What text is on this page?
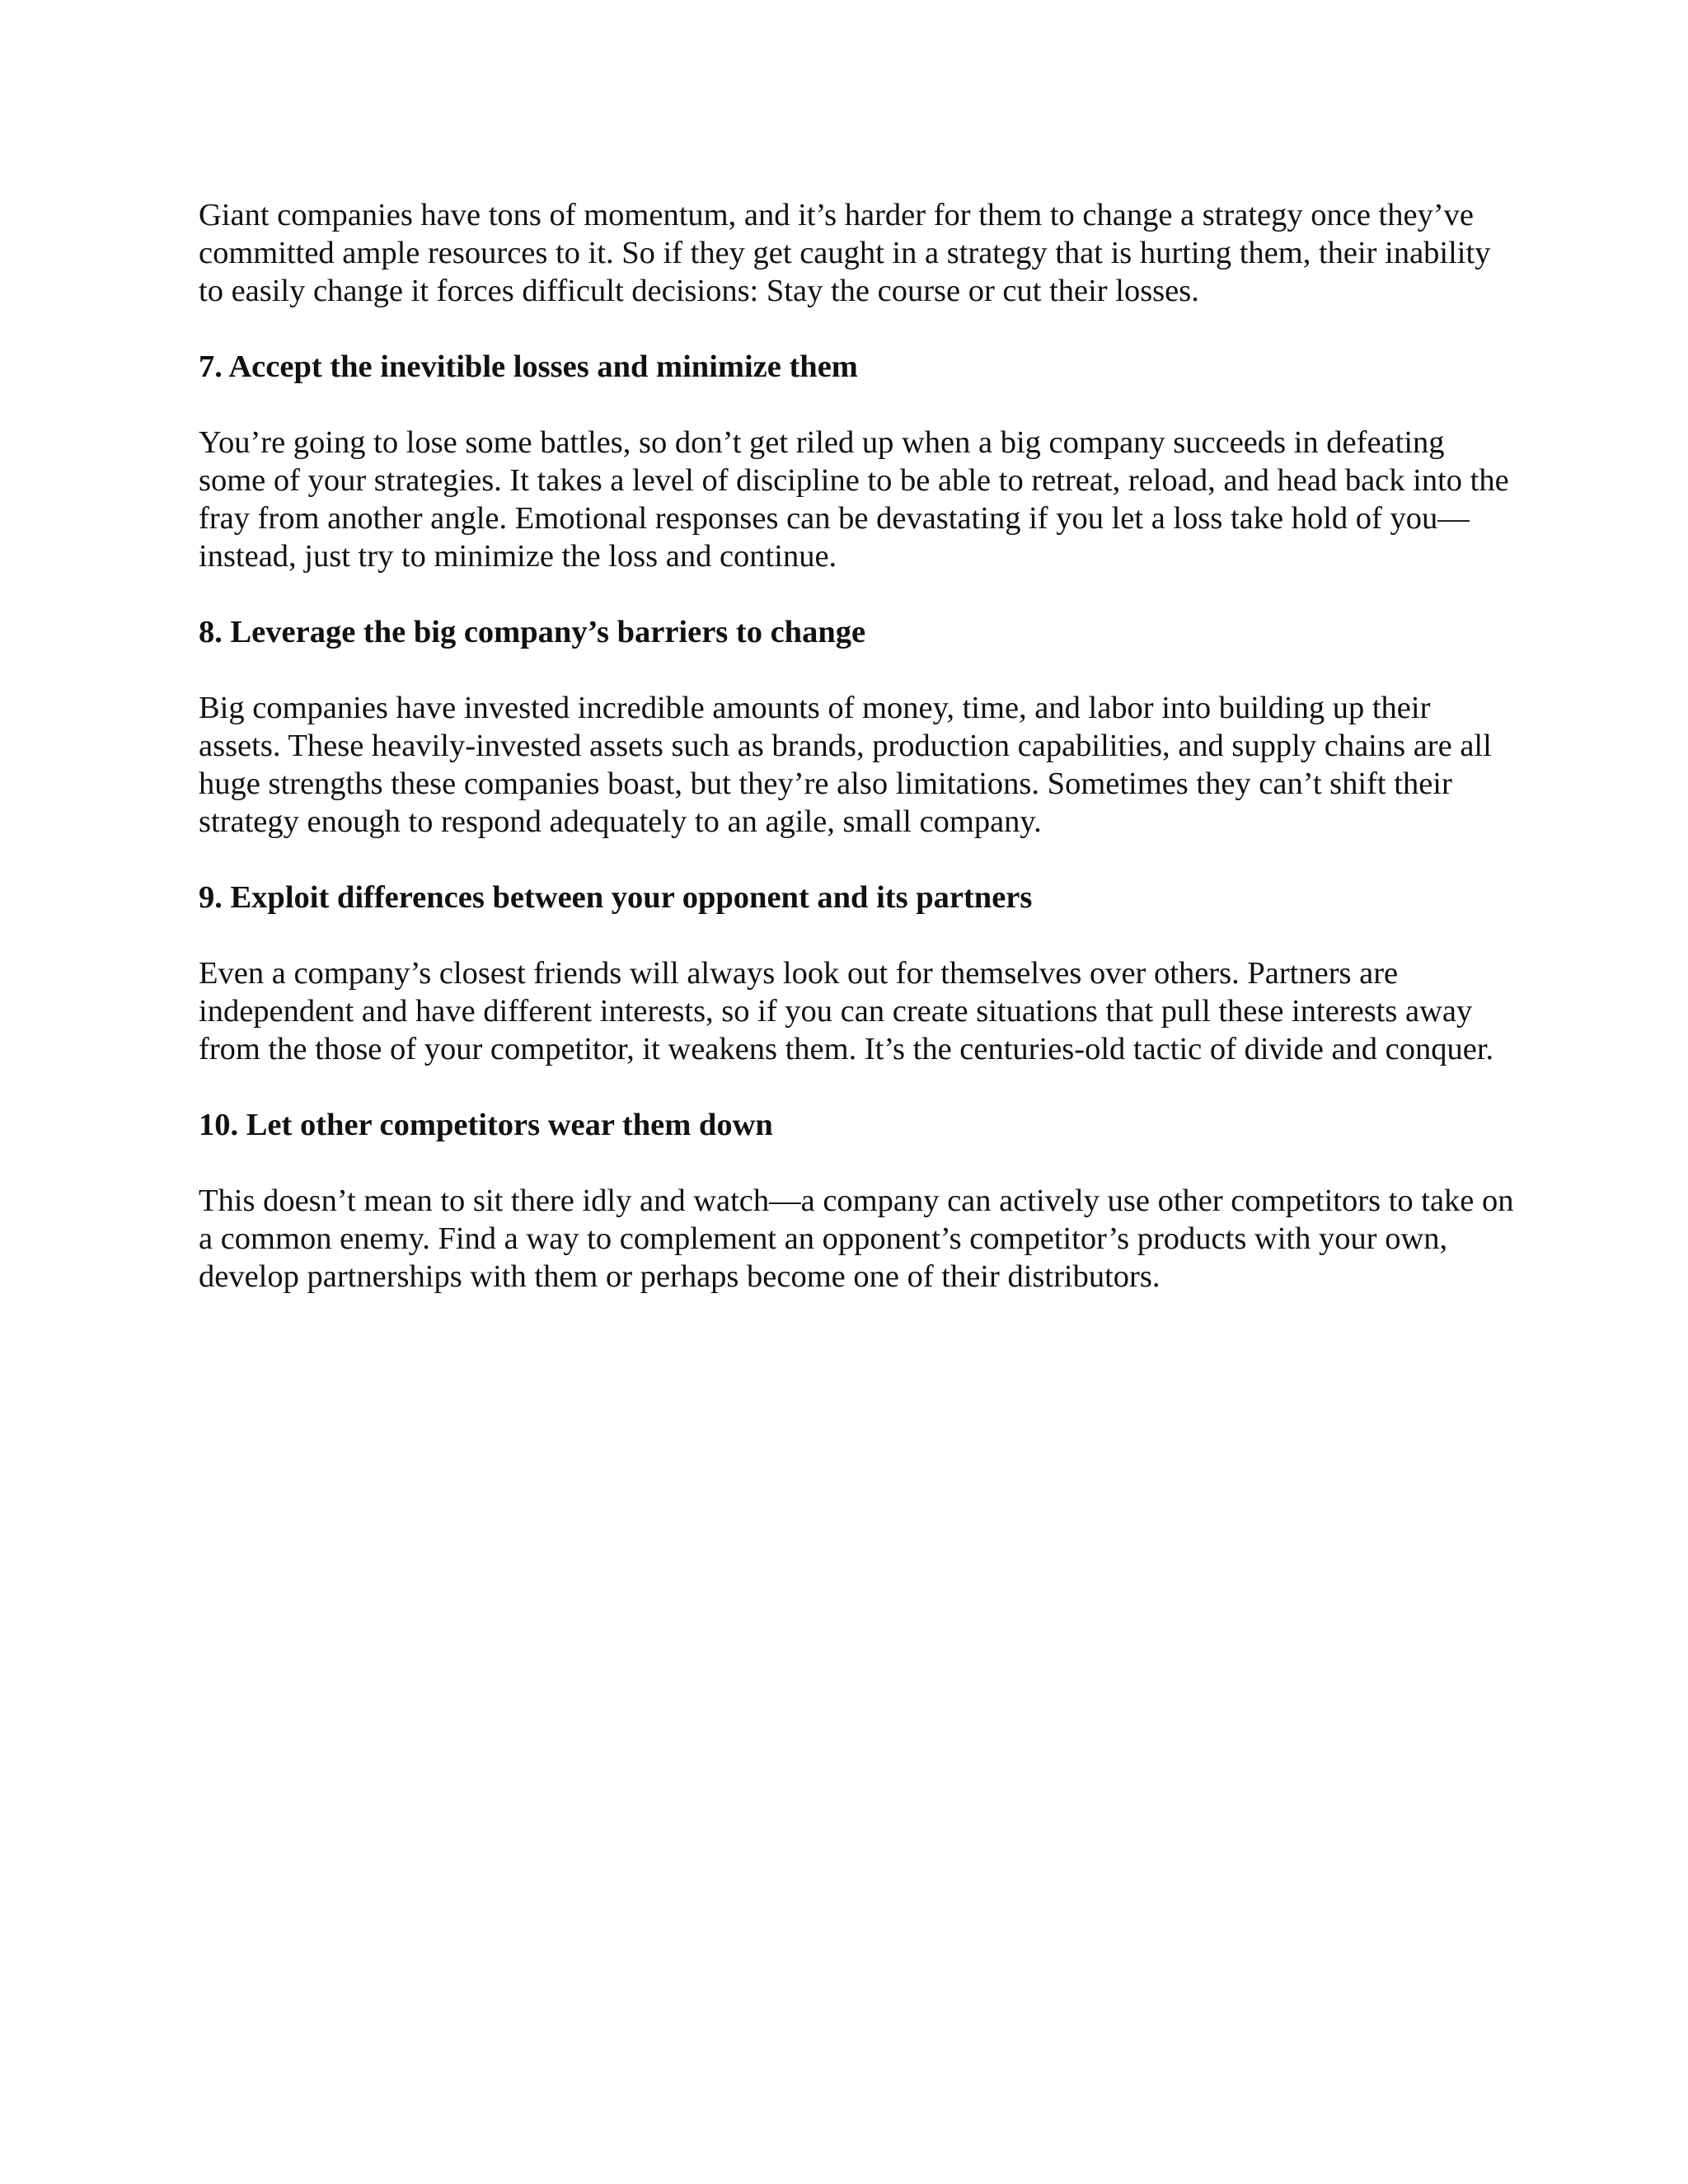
Giant companies have tons of momentum, and it’s harder for them to change a strategy once they’ve committed ample resources to it. So if they get caught in a strategy that is hurting them, their inability to easily change it forces difficult decisions: Stay the course or cut their losses.

7. Accept the inevitible losses and minimize them

You’re going to lose some battles, so don’t get riled up when a big company succeeds in defeating some of your strategies. It takes a level of discipline to be able to retreat, reload, and head back into the fray from another angle. Emotional responses can be devastating if you let a loss take hold of you—instead, just try to minimize the loss and continue.

8. Leverage the big company’s barriers to change

Big companies have invested incredible amounts of money, time, and labor into building up their assets. These heavily-invested assets such as brands, production capabilities, and supply chains are all huge strengths these companies boast, but they’re also limitations. Sometimes they can’t shift their strategy enough to respond adequately to an agile, small company.

9. Exploit differences between your opponent and its partners

Even a company’s closest friends will always look out for themselves over others. Partners are independent and have different interests, so if you can create situations that pull these interests away from the those of your competitor, it weakens them. It’s the centuries-old tactic of divide and conquer.

10. Let other competitors wear them down

This doesn’t mean to sit there idly and watch—a company can actively use other competitors to take on a common enemy. Find a way to complement an opponent’s competitor’s products with your own, develop partnerships with them or perhaps become one of their distributors.
